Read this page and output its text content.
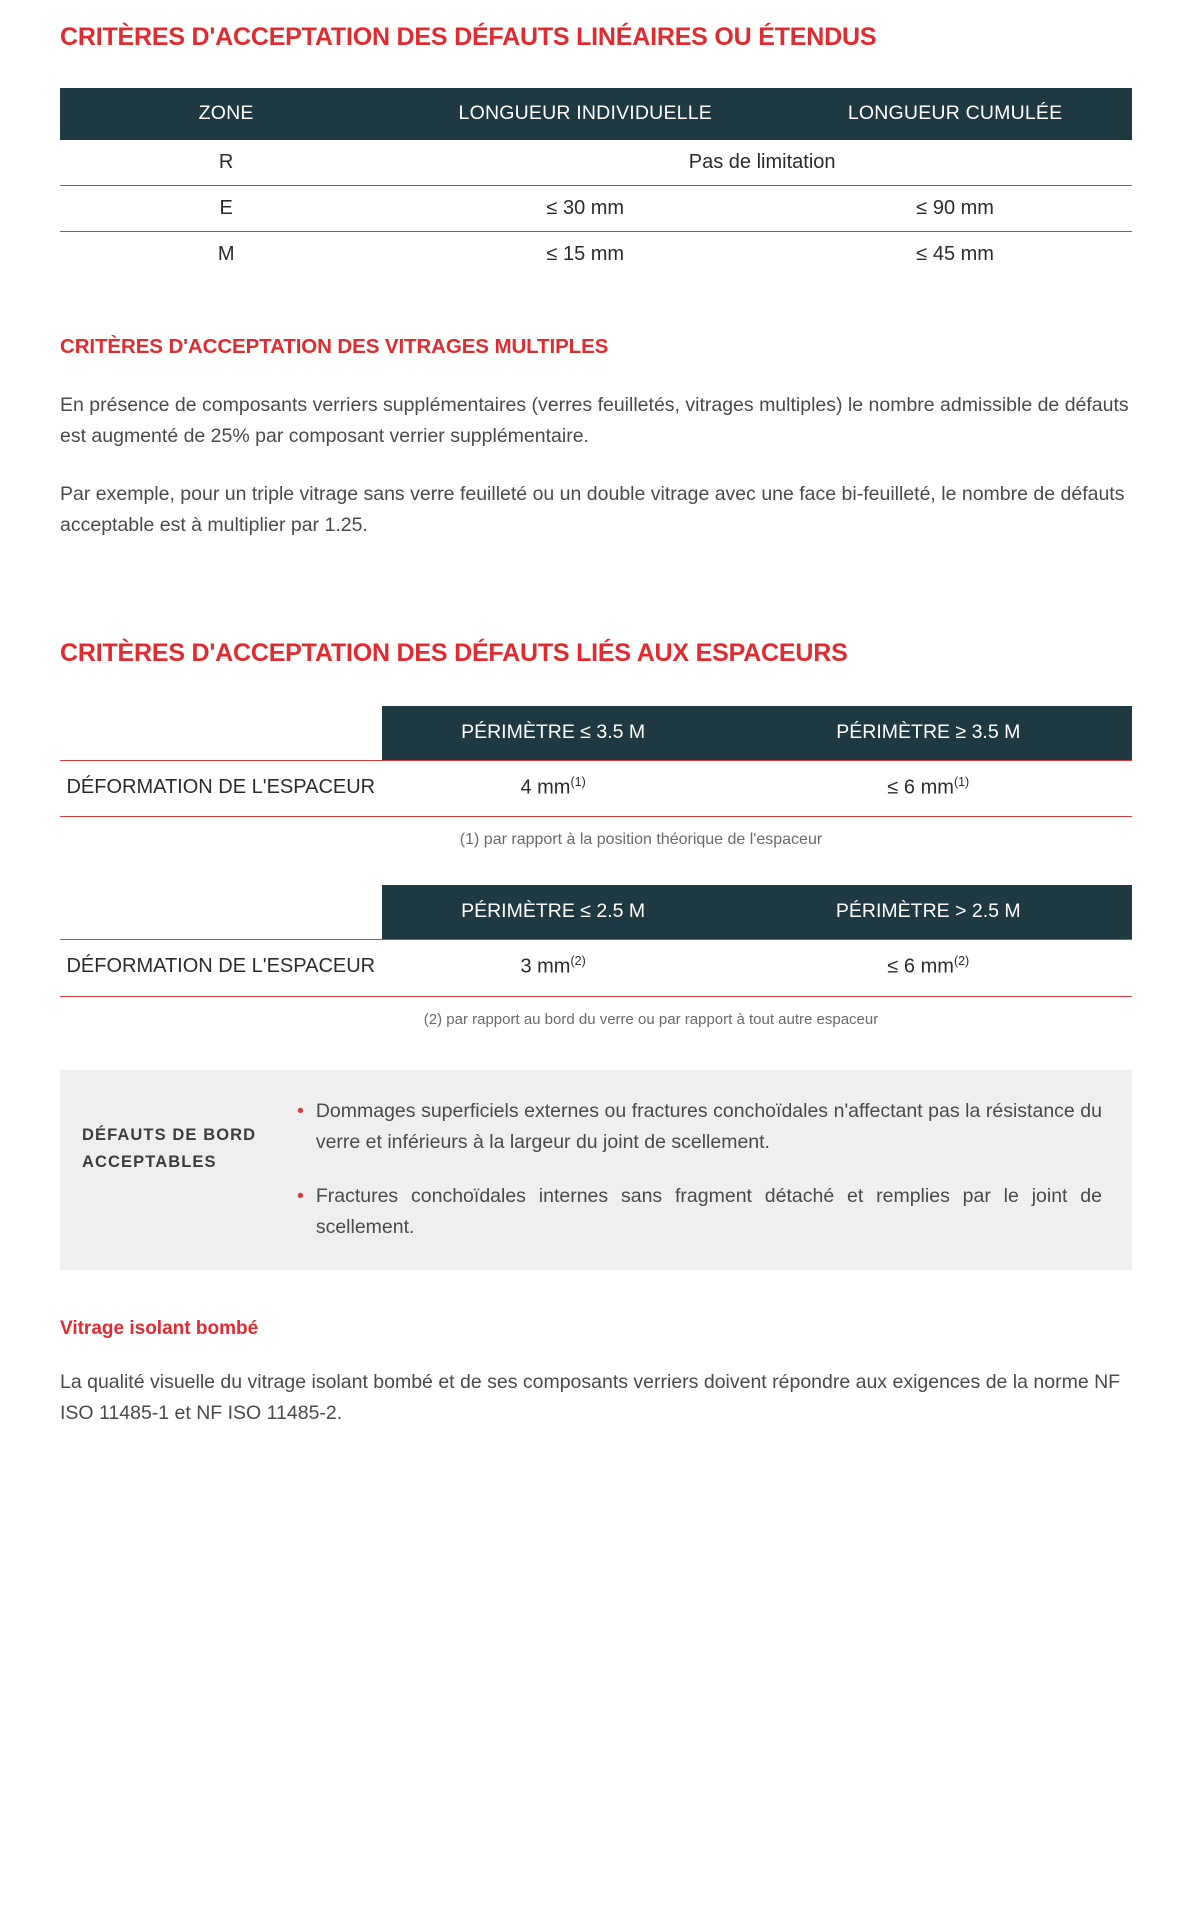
CRITÈRES D'ACCEPTATION DES DÉFAUTS LINÉAIRES OU ÉTENDUS
ZONE	LONGUEUR INDIVIDUELLE	LONGUEUR CUMULÉE
R	Pas de limitation	
E	≤ 30 mm	≤ 90 mm
M	≤ 15 mm	≤ 45 mm
CRITÈRES D'ACCEPTATION DES VITRAGES MULTIPLES

En présence de composants verriers supplémentaires (verres feuilletés, vitrages multiples) le nombre admissible de défauts est augmenté de 25% par composant verrier supplémentaire.

Par exemple, pour un triple vitrage sans verre feuilleté ou un double vitrage avec une face bi-feuilleté, le nombre de défauts acceptable est à multiplier par 1.25.

CRITÈRES D'ACCEPTATION DES DÉFAUTS LIÉS AUX ESPACEURS
	PÉRIMÈTRE ≤ 3.5 M	PÉRIMÈTRE ≥ 3.5 M
DÉFORMATION DE L'ESPACEUR	4 $mm^{(1)}$	≤ 6 $mm^{(1)}$
(1) par rapport à la position théorique de l'espaceur
	PÉRIMÈTRE ≤ 2.5 M	PÉRIMÈTRE > 2.5 M
DÉFORMATION DE L'ESPACEUR	3 $mm^{(2)}$	≤ 6 $mm^{(2)}$
(2) par rapport au bord du verre ou par rapport à tout autre espaceur
DÉFAUTS DE BORD
ACCEPTABLES
• Dommages superficiels externes ou fractures conchoïdales n'affectant pas la résistance du verre et inférieurs à la largeur du joint de scellement.
• Fractures conchoïdales internes sans fragment détaché et remplies par le joint de scellement.
Vitrage isolant bombé

La qualité visuelle du vitrage isolant bombé et de ses composants verriers doivent répondre aux exigences de la norme NF ISO 11485-1 et NF ISO 11485-2.
